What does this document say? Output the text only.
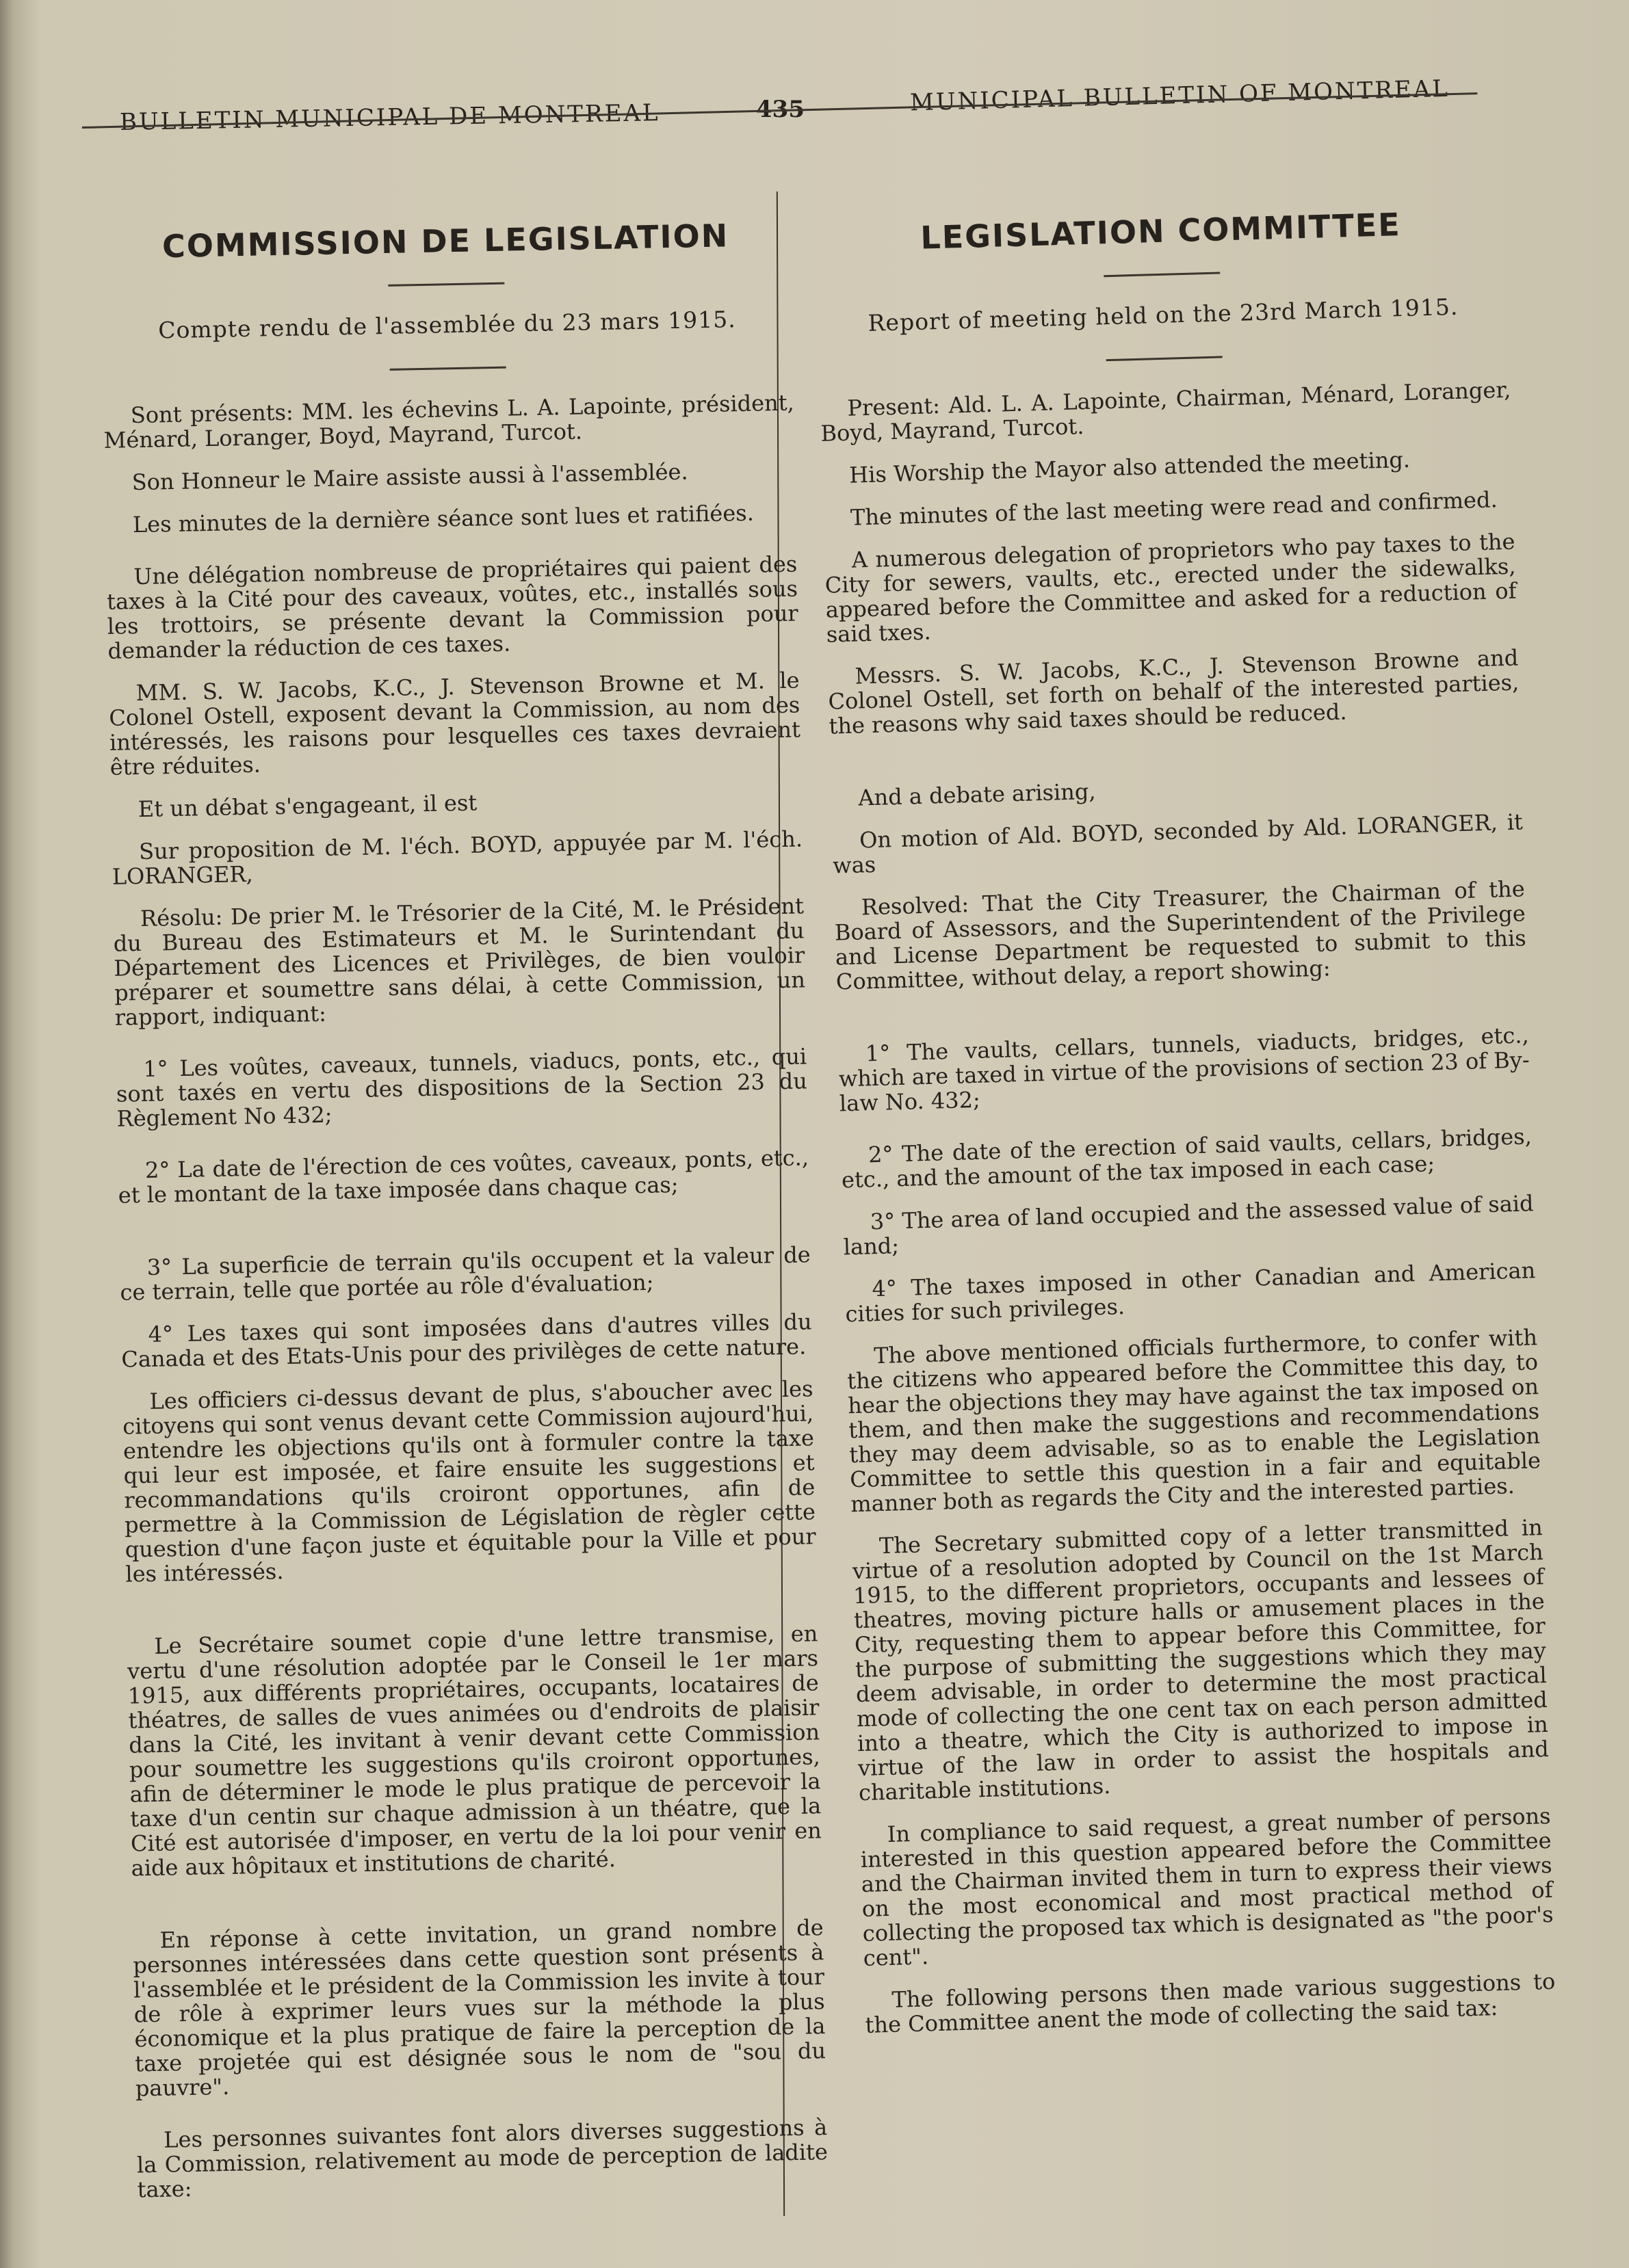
BULLETIN MUNICIPAL DE MONTREAL	435	MUNICIPAL BULLETIN OF MONTREAL
COMMISSION DE LEGISLATION
Compte rendu de l'assemblée du 23 mars 1915.

Sont présents: MM. les échevins L. A. Lapointe, président, Ménard, Loranger, Boyd, Mayrand, Turcot.

Son Honneur le Maire assiste aussi à l'assemblée.

Les minutes de la dernière séance sont lues et ratifiées.

Une délégation nombreuse de propriétaires qui paient des taxes à la Cité pour des caveaux, voûtes, etc., installés sous les trottoirs, se présente devant la Commission pour demander la réduction de ces taxes.

MM. S. W. Jacobs, K.C., J. Stevenson Browne et M. le Colonel Ostell, exposent devant la Commission, au nom des intéressés, les raisons pour lesquelles ces taxes devraient être réduites.

Et un débat s'engageant, il est

Sur proposition de M. l'éch. BOYD, appuyée par M. l'éch. LORANGER,

Résolu: De prier M. le Trésorier de la Cité, M. le Président du Bureau des Estimateurs et M. le Surintendant du Département des Licences et Privilèges, de bien vouloir préparer et soumettre sans délai, à cette Commission, un rapport, indiquant:

1° Les voûtes, caveaux, tunnels, viaducs, ponts, etc., qui sont taxés en vertu des dispositions de la Section 23 du Règlement No 432;

2° La date de l'érection de ces voûtes, caveaux, ponts, etc., et le montant de la taxe imposée dans chaque cas;

3° La superficie de terrain qu'ils occupent et la valeur de ce terrain, telle que portée au rôle d'évaluation;

4° Les taxes qui sont imposées dans d'autres villes du Canada et des Etats-Unis pour des privilèges de cette nature.

Les officiers ci-dessus devant de plus, s'aboucher avec les citoyens qui sont venus devant cette Commission aujourd'hui, entendre les objections qu'ils ont à formuler contre la taxe qui leur est imposée, et faire ensuite les suggestions et recommandations qu'ils croiront opportunes, afin de permettre à la Commission de Législation de règler cette question d'une façon juste et équitable pour la Ville et pour les intéressés.

Le Secrétaire soumet copie d'une lettre transmise, en vertu d'une résolution adoptée par le Conseil le 1er mars 1915, aux différents propriétaires, occupants, locataires de théatres, de salles de vues animées ou d'endroits de plaisir dans la Cité, les invitant à venir devant cette Commission pour soumettre les suggestions qu'ils croiront opportunes, afin de déterminer le mode le plus pratique de percevoir la taxe d'un centin sur chaque admission à un théatre, que la Cité est autorisée d'imposer, en vertu de la loi pour venir en aide aux hôpitaux et institutions de charité.

En réponse à cette invitation, un grand nombre de personnes intéressées dans cette question sont présents à l'assemblée et le président de la Commission les invite à tour de rôle à exprimer leurs vues sur la méthode la plus économique et la plus pratique de faire la perception de la taxe projetée qui est désignée sous le nom de "sou du pauvre".

Les personnes suivantes font alors diverses suggestions à la Commission, relativement au mode de perception de ladite taxe:

LEGISLATION COMMITTEE
Report of meeting held on the 23rd March 1915.

Present: Ald. L. A. Lapointe, Chairman, Ménard, Loranger, Boyd, Mayrand, Turcot.

His Worship the Mayor also attended the meeting.

The minutes of the last meeting were read and confirmed.

A numerous delegation of proprietors who pay taxes to the City for sewers, vaults, etc., erected under the sidewalks, appeared before the Committee and asked for a reduction of said txes.

Messrs. S. W. Jacobs, K.C., J. Stevenson Browne and Colonel Ostell, set forth on behalf of the interested parties, the reasons why said taxes should be reduced.

And a debate arising,

On motion of Ald. BOYD, seconded by Ald. LORANGER, it was

Resolved: That the City Treasurer, the Chairman of the Board of Assessors, and the Superintendent of the Privilege and License Department be requested to submit to this Committee, without delay, a report showing:

1° The vaults, cellars, tunnels, viaducts, bridges, etc., which are taxed in virtue of the provisions of section 23 of By-law No. 432;

2° The date of the erection of said vaults, cellars, bridges, etc., and the amount of the tax imposed in each case;

3° The area of land occupied and the assessed value of said land;

4° The taxes imposed in other Canadian and American cities for such privileges.

The above mentioned officials furthermore, to confer with the citizens who appeared before the Committee this day, to hear the objections they may have against the tax imposed on them, and then make the suggestions and recommendations they may deem advisable, so as to enable the Legislation Committee to settle this question in a fair and equitable manner both as regards the City and the interested parties.

The Secretary submitted copy of a letter transmitted in virtue of a resolution adopted by Council on the 1st March 1915, to the different proprietors, occupants and lessees of theatres, moving picture halls or amusement places in the City, requesting them to appear before this Committee, for the purpose of submitting the suggestions which they may deem advisable, in order to determine the most practical mode of collecting the one cent tax on each person admitted into a theatre, which the City is authorized to impose in virtue of the law in order to assist the hospitals and charitable institutions.

In compliance to said request, a great number of persons interested in this question appeared before the Committee and the Chairman invited them in turn to express their views on the most economical and most practical method of collecting the proposed tax which is designated as "the poor's cent".

The following persons then made various suggestions to the Committee anent the mode of collecting the said tax:
